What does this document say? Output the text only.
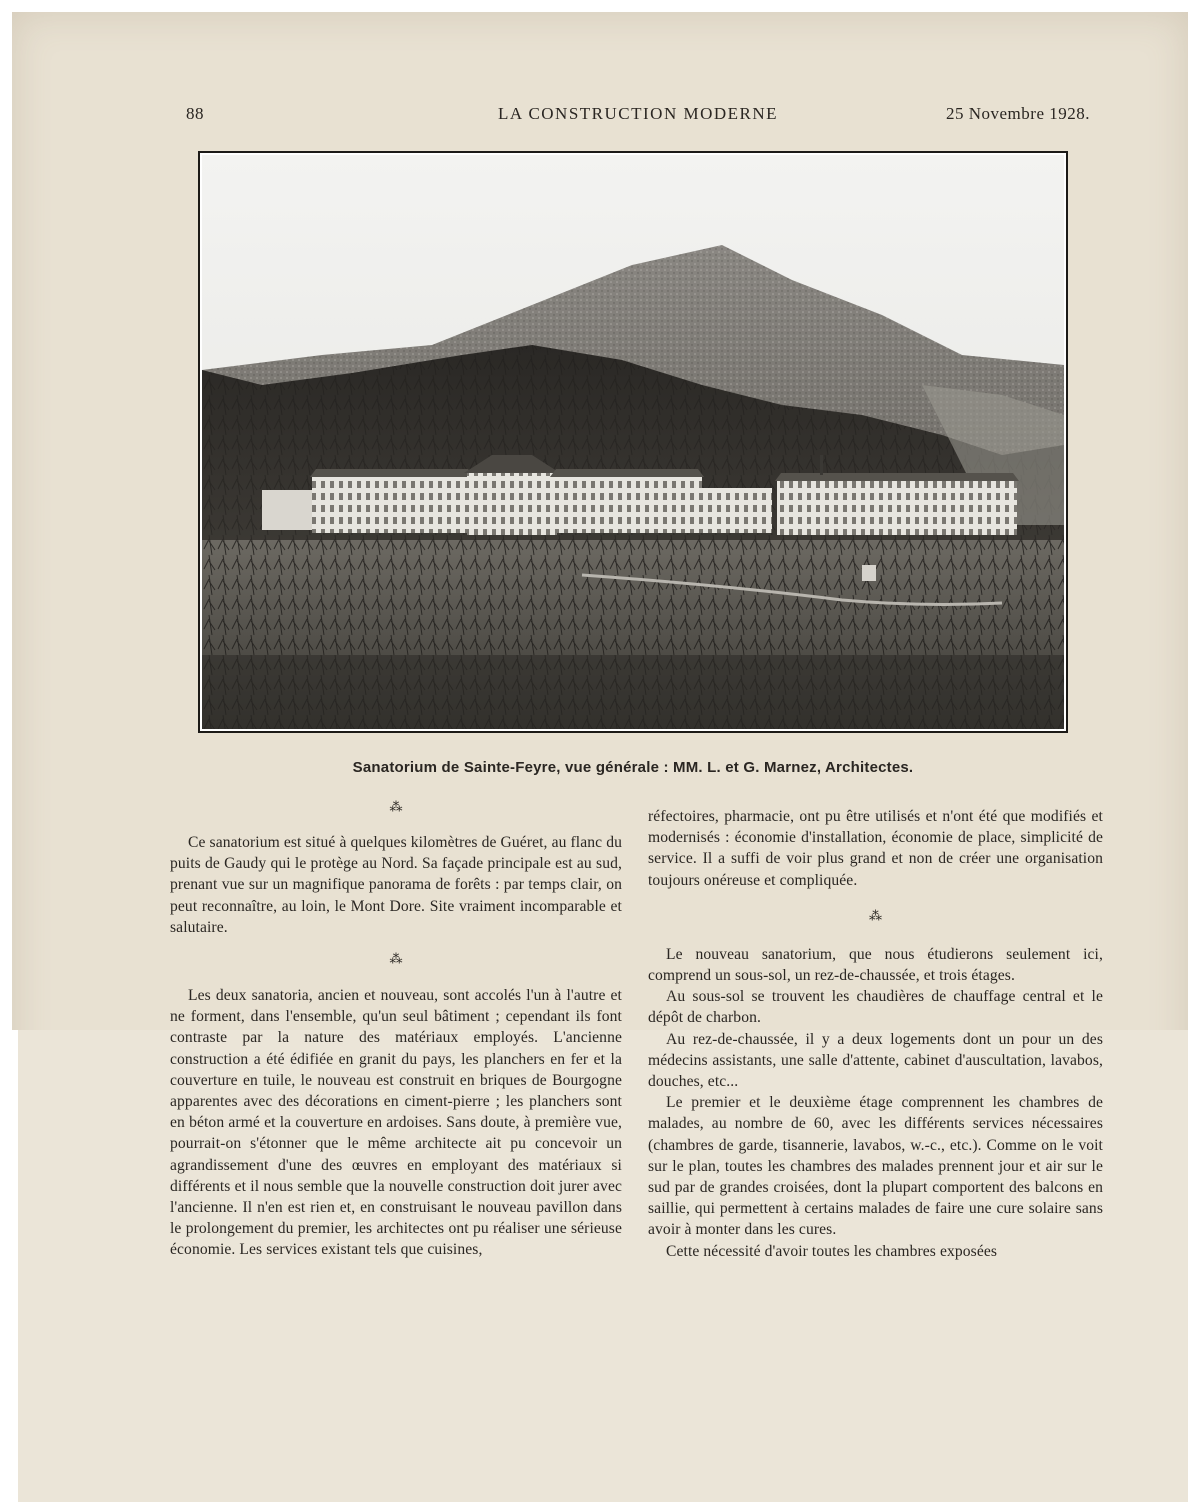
88	LA CONSTRUCTION MODERNE	25 Novembre 1928.
Sanatorium de Sainte-Feyre, vue générale : MM. L. et G. Marnez, Architectes.
⁂

Ce sanatorium est situé à quelques kilomètres de Guéret, au flanc du puits de Gaudy qui le protège au Nord. Sa façade principale est au sud, prenant vue sur un magnifique panorama de forêts : par temps clair, on peut reconnaître, au loin, le Mont Dore. Site vraiment incomparable et salutaire.

⁂

Les deux sanatoria, ancien et nouveau, sont accolés l'un à l'autre et ne forment, dans l'ensemble, qu'un seul bâtiment ; cependant ils font contraste par la nature des matériaux employés. L'ancienne construction a été édifiée en granit du pays, les planchers en fer et la couverture en tuile, le nouveau est construit en briques de Bourgogne apparentes avec des décorations en ciment-pierre ; les planchers sont en béton armé et la couverture en ardoises. Sans doute, à première vue, pourrait-on s'étonner que le même architecte ait pu concevoir un agrandissement d'une des œuvres en employant des matériaux si différents et il nous semble que la nouvelle construction doit jurer avec l'ancienne. Il n'en est rien et, en construisant le nouveau pavillon dans le prolongement du premier, les architectes ont pu réaliser une sérieuse économie. Les services existant tels que cuisines,

réfectoires, pharmacie, ont pu être utilisés et n'ont été que modifiés et modernisés : économie d'installation, économie de place, simplicité de service. Il a suffi de voir plus grand et non de créer une organisation toujours onéreuse et compliquée.

⁂

Le nouveau sanatorium, que nous étudierons seulement ici, comprend un sous-sol, un rez-de-chaussée, et trois étages.

Au sous-sol se trouvent les chaudières de chauffage central et le dépôt de charbon.

Au rez-de-chaussée, il y a deux logements dont un pour un des médecins assistants, une salle d'attente, cabinet d'auscultation, lavabos, douches, etc...

Le premier et le deuxième étage comprennent les chambres de malades, au nombre de 60, avec les différents services nécessaires (chambres de garde, tisannerie, lavabos, w.-c., etc.). Comme on le voit sur le plan, toutes les chambres des malades prennent jour et air sur le sud par de grandes croisées, dont la plupart comportent des balcons en saillie, qui permettent à certains malades de faire une cure solaire sans avoir à monter dans les cures.

Cette nécessité d'avoir toutes les chambres exposées
